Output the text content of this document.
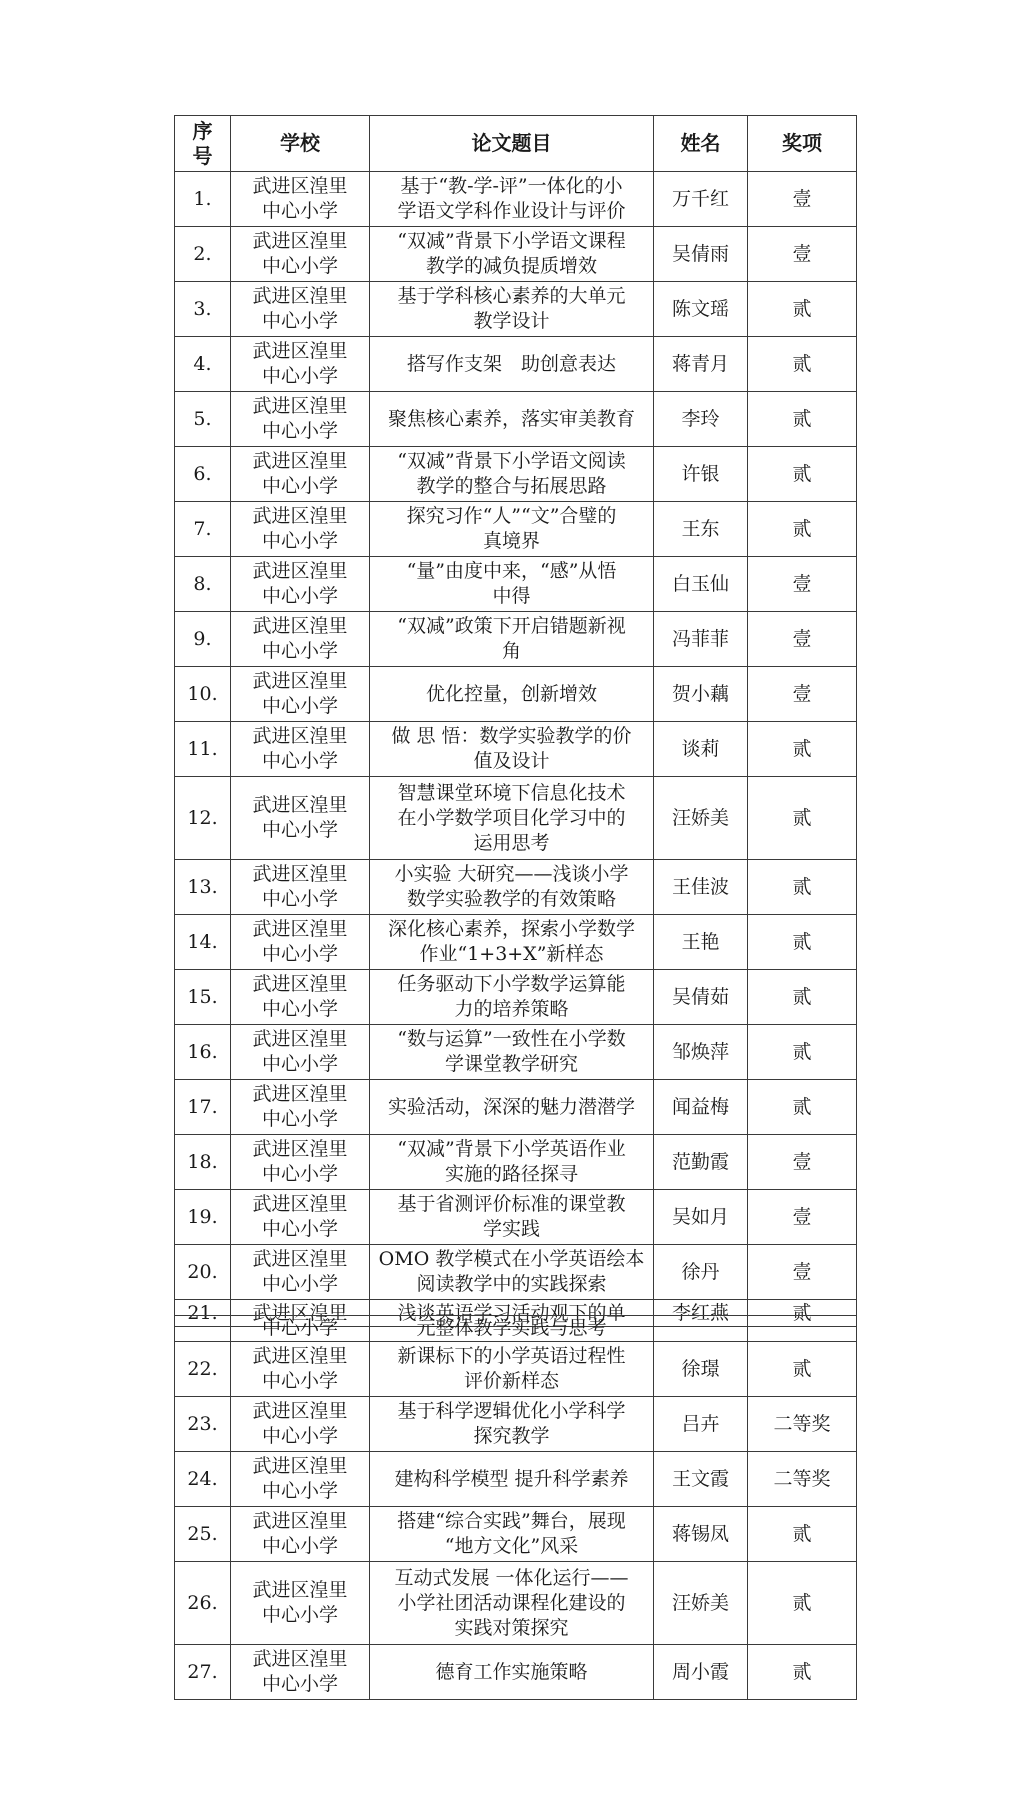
序
号	学校	论文题目	姓名	奖项
1.	武进区湟里
中心小学	基于“教-学-评”一体化的小
学语文学科作业设计与评价	万千红	壹
2.	武进区湟里
中心小学	“双减”背景下小学语文课程
教学的减负提质增效	吴倩雨	壹
3.	武进区湟里
中心小学	基于学科核心素养的大单元
教学设计	陈文瑶	贰
4.	武进区湟里
中心小学	搭写作支架　助创意表达	蒋青月	贰
5.	武进区湟里
中心小学	聚焦核心素养，落实审美教育	李玲	贰
6.	武进区湟里
中心小学	“双减”背景下小学语文阅读
教学的整合与拓展思路	许银	贰
7.	武进区湟里
中心小学	探究习作“人”“文”合璧的
真境界	王东	贰
8.	武进区湟里
中心小学	“量”由度中来，“感”从悟
中得	白玉仙	壹
9.	武进区湟里
中心小学	“双减”政策下开启错题新视
角	冯菲菲	壹
10.	武进区湟里
中心小学	优化控量，创新增效	贺小藕	壹
11.	武进区湟里
中心小学	做 思 悟：数学实验教学的价
值及设计	谈莉	贰
12.	武进区湟里
中心小学	智慧课堂环境下信息化技术
在小学数学项目化学习中的
运用思考	汪娇美	贰
13.	武进区湟里
中心小学	小实验 大研究——浅谈小学
数学实验教学的有效策略	王佳波	贰
14.	武进区湟里
中心小学	深化核心素养，探索小学数学
作业“1+3+X”新样态	王艳	贰
15.	武进区湟里
中心小学	任务驱动下小学数学运算能
力的培养策略	吴倩茹	贰
16.	武进区湟里
中心小学	“数与运算”一致性在小学数
学课堂教学研究	邹焕萍	贰
17.	武进区湟里
中心小学	实验活动，深深的魅力潜潜学	闻益梅	贰
18.	武进区湟里
中心小学	“双减”背景下小学英语作业
实施的路径探寻	范勤霞	壹
19.	武进区湟里
中心小学	基于省测评价标准的课堂教
学实践	吴如月	壹
20.	武进区湟里
中心小学	OMO 教学模式在小学英语绘本
阅读教学中的实践探索	徐丹	壹
21.	武进区湟里	浅谈英语学习活动观下的单	李红燕	贰

	中心小学	元整体教学实践与思考		

22.	武进区湟里
中心小学	新课标下的小学英语过程性
评价新样态	徐璟	贰
23.	武进区湟里
中心小学	基于科学逻辑优化小学科学
探究教学	吕卉	二等奖
24.	武进区湟里
中心小学	建构科学模型 提升科学素养	王文霞	二等奖
25.	武进区湟里
中心小学	搭建“综合实践”舞台，展现
“地方文化”风采	蒋锡凤	贰
26.	武进区湟里
中心小学	互动式发展 一体化运行——
小学社团活动课程化建设的
实践对策探究	汪娇美	贰
27.	武进区湟里
中心小学	德育工作实施策略	周小霞	贰
